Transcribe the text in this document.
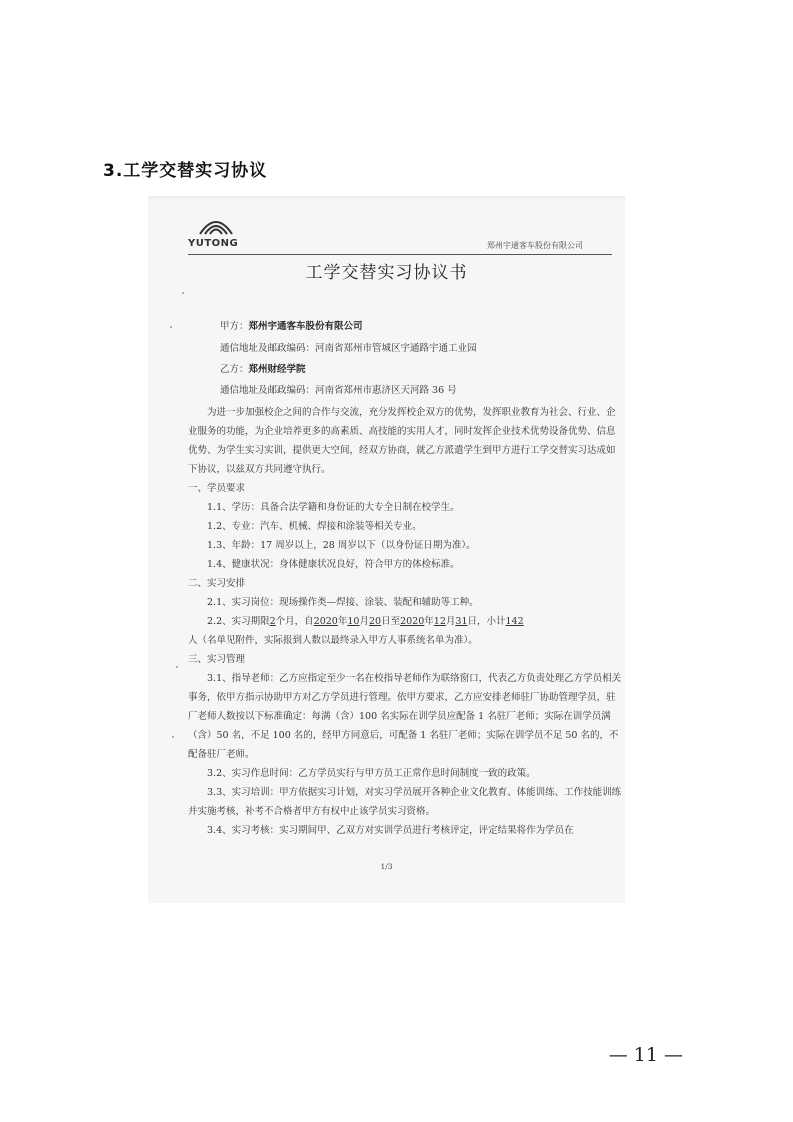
3.工学交替实习协议
YUTONG	郑州宇通客车股份有限公司
工学交替实习协议书
甲方：郑州宇通客车股份有限公司
通信地址及邮政编码：河南省郑州市管城区宇通路宇通工业园
乙方：郑州财经学院
通信地址及邮政编码：河南省郑州市惠济区天河路 36 号

为进一步加强校企之间的合作与交流，充分发挥校企双方的优势，发挥职业教育为社会、行业、企业服务的功能，为企业培养更多的高素质、高技能的实用人才，同时发挥企业技术优势设备优势、信息优势、为学生实习实训，提供更大空间，经双方协商，就乙方派遣学生到甲方进行工学交替实习达成如下协议，以兹双方共同遵守执行。

一、学员要求

1.1、学历：具备合法学籍和身份证的大专全日制在校学生。

1.2、专业：汽车、机械、焊接和涂装等相关专业。

1.3、年龄：17 周岁以上，28 周岁以下（以身份证日期为准）。

1.4、健康状况：身体健康状况良好，符合甲方的体检标准。

二、实习安排

2.1、实习岗位：现场操作类—焊接、涂装、装配和辅助等工种。

2.2、实习期限2个月，自2020年10月20日至2020年12月31日，小计142

人（名单见附件，实际报到人数以最终录入甲方人事系统名单为准）。

三、实习管理

3.1、指导老师：乙方应指定至少一名在校指导老师作为联络窗口，代表乙方负责处理乙方学员相关事务，依甲方指示协助甲方对乙方学员进行管理。依甲方要求，乙方应安排老师驻厂协助管理学员，驻厂老师人数按以下标准确定：每满（含）100 名实际在训学员应配备 1 名驻厂老师；实际在训学员满（含）50 名，不足 100 名的，经甲方同意后，可配备 1 名驻厂老师；实际在训学员不足 50 名的，不配备驻厂老师。

3.2、实习作息时间：乙方学员实行与甲方员工正常作息时间制度一致的政策。

3.3、实习培训：甲方依据实习计划，对实习学员展开各种企业文化教育、体能训练、工作技能训练并实施考核，补考不合格者甲方有权中止该学员实习资格。

3.4、实习考核：实习期间甲、乙双方对实训学员进行考核评定，评定结果将作为学员在

1/3
— 11 —
